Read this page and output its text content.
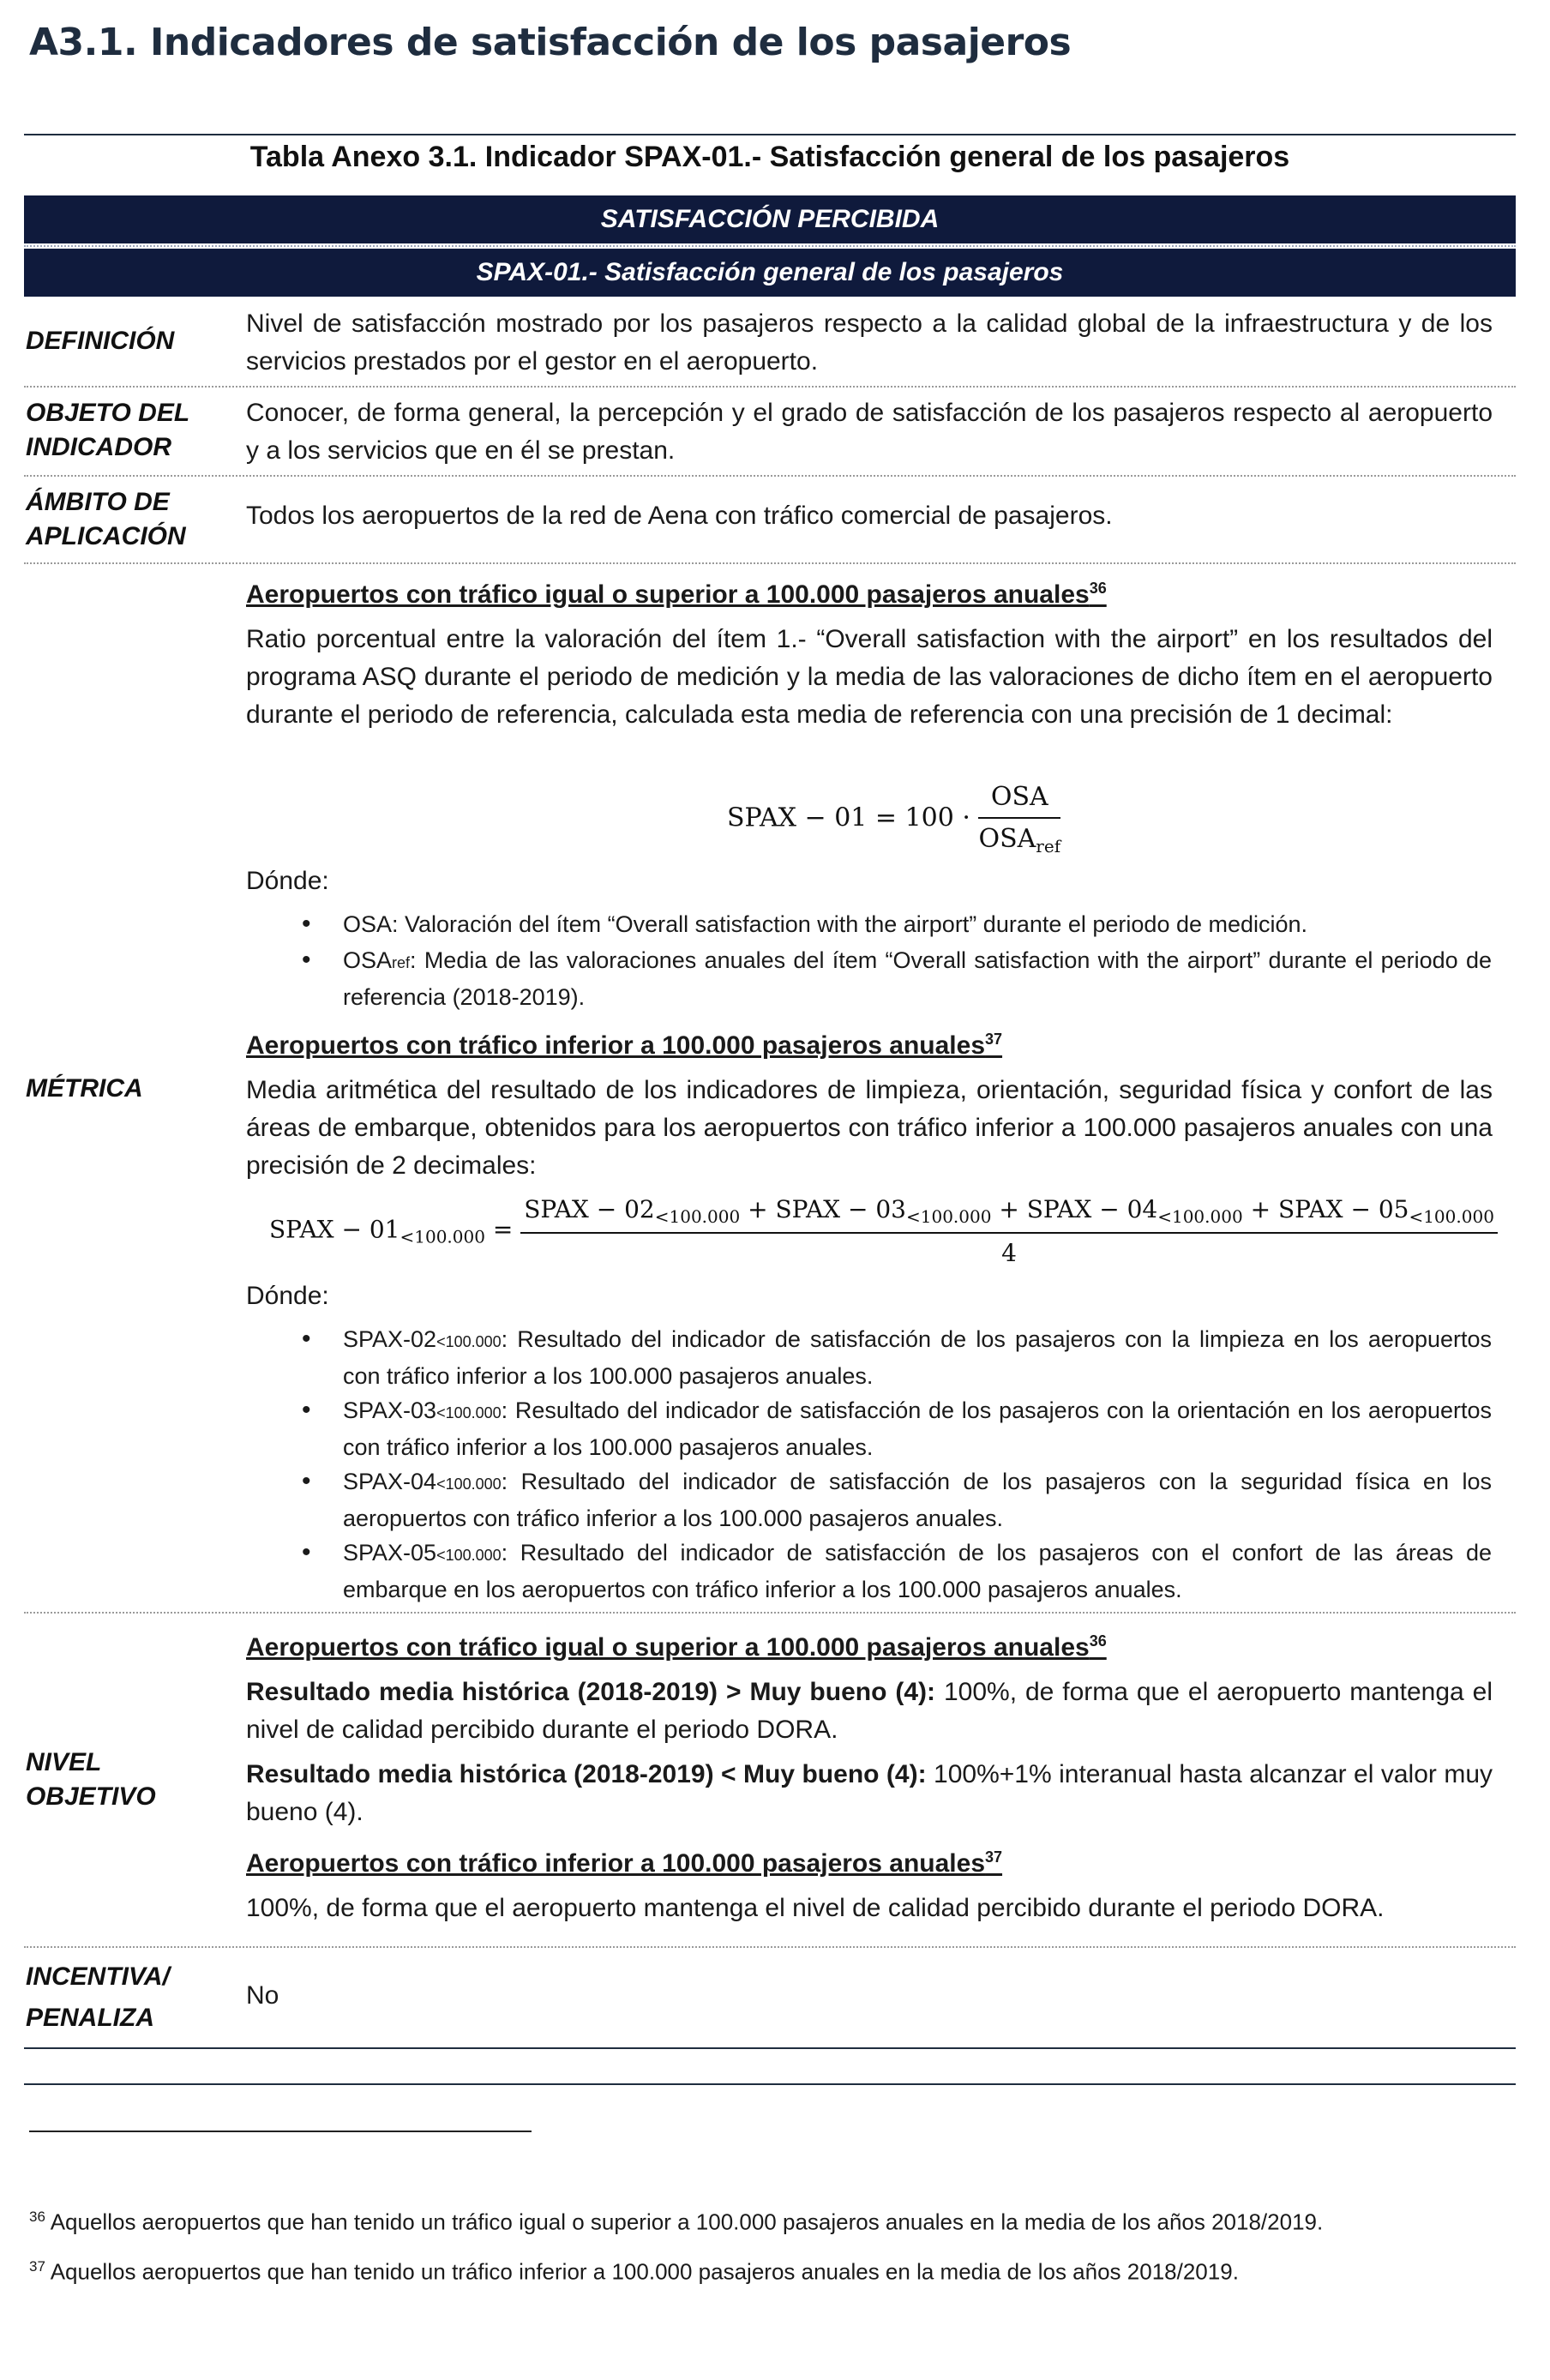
A3.1. Indicadores de satisfacción de los pasajeros
Tabla Anexo 3.1. Indicador SPAX-01.- Satisfacción general de los pasajeros
SATISFACCIÓN PERCIBIDA
SPAX-01.- Satisfacción general de los pasajeros
DEFINICIÓN

Nivel de satisfacción mostrado por los pasajeros respecto a la calidad global de la infraestructura y de los servicios prestados por el gestor en el aeropuerto.

OBJETO DEL
INDICADOR

Conocer, de forma general, la percepción y el grado de satisfacción de los pasajeros respecto al aeropuerto y a los servicios que en él se prestan.

ÁMBITO DE
APLICACIÓN

Todos los aeropuertos de la red de Aena con tráfico comercial de pasajeros.

MÉTRICA

Aeropuertos con tráfico igual o superior a 100.000 pasajeros anuales$^{36}$

Ratio porcentual entre la valoración del ítem 1.- “Overall satisfaction with the airport” en los resultados del programa ASQ durante el periodo de medición y la media de las valoraciones de dicho ítem en el aeropuerto durante el periodo de referencia, calculada esta media de referencia con una precisión de 1 decimal:

SPAX − $01 = 100 \cdot \frac{\text{OSA}}{OSA_{ref}}$

Dónde:

• OSA: Valoración del ítem “Overall satisfaction with the airport” durante el periodo de medición.
• OSAref: Media de las valoraciones anuales del ítem “Overall satisfaction with the airport” durante el periodo de referencia (2018-2019).

Aeropuertos con tráfico inferior a 100.000 pasajeros anuales$^{37}$

Media aritmética del resultado de los indicadores de limpieza, orientación, seguridad física y confort de las áreas de embarque, obtenidos para los aeropuertos con tráfico inferior a 100.000 pasajeros anuales con una precisión de 2 decimales:

SPAX − $01_{<100.000}$ =
SPAX − $02_{<100.000}$ + SPAX − $03_{<100.000}$ + SPAX − $04_{<100.000}$ + SPAX − $05_{<100.000}$
4

Dónde:

• SPAX-02<100.000: Resultado del indicador de satisfacción de los pasajeros con la limpieza en los aeropuertos con tráfico inferior a los 100.000 pasajeros anuales.
• SPAX-03<100.000: Resultado del indicador de satisfacción de los pasajeros con la orientación en los aeropuertos con tráfico inferior a los 100.000 pasajeros anuales.
• SPAX-04<100.000: Resultado del indicador de satisfacción de los pasajeros con la seguridad física en los aeropuertos con tráfico inferior a los 100.000 pasajeros anuales.
• SPAX-05<100.000: Resultado del indicador de satisfacción de los pasajeros con el confort de las áreas de embarque en los aeropuertos con tráfico inferior a los 100.000 pasajeros anuales.
NIVEL
OBJETIVO

Aeropuertos con tráfico igual o superior a 100.000 pasajeros anuales$^{36}$

Resultado media histórica (2018-2019) > Muy bueno (4): 100%, de forma que el aeropuerto mantenga el nivel de calidad percibido durante el periodo DORA.

Resultado media histórica (2018-2019) < Muy bueno (4): 100%+1% interanual hasta alcanzar el valor muy bueno (4).

Aeropuertos con tráfico inferior a 100.000 pasajeros anuales$^{37}$

100%, de forma que el aeropuerto mantenga el nivel de calidad percibido durante el periodo DORA.

INCENTIVA/
PENALIZA

No

$^{36}$ Aquellos aeropuertos que han tenido un tráfico igual o superior a 100.000 pasajeros anuales en la media de los años 2018/2019.
$^{37}$ Aquellos aeropuertos que han tenido un tráfico inferior a 100.000 pasajeros anuales en la media de los años 2018/2019.
